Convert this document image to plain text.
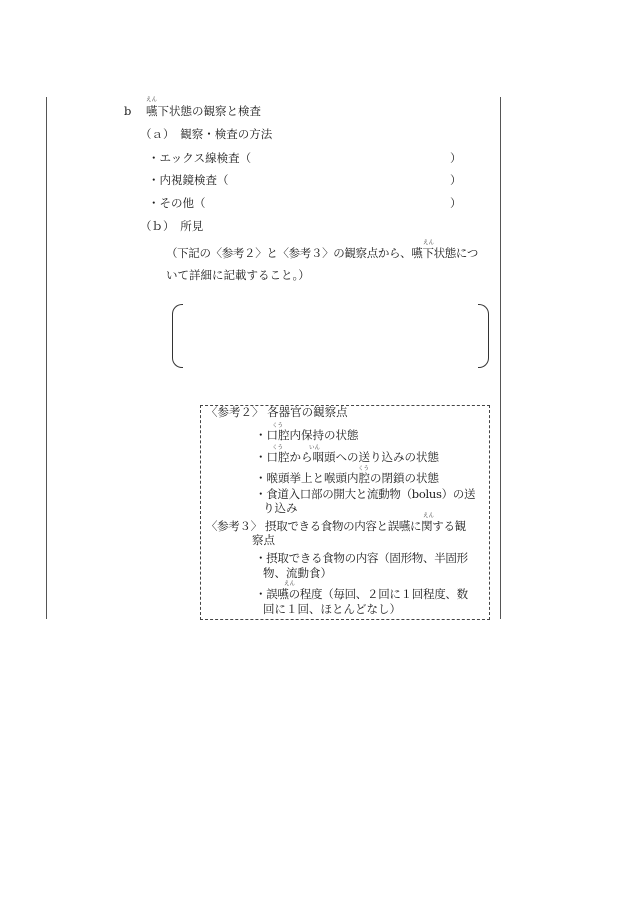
b
えん
嚥下状態の観察と検査
（ａ）　観察・検査の方法
・エックス線検査（	）
・内視鏡検査（	）
・その他（	）
（ｂ）　所見
えん
（下記の〈参考２〉と〈参考３〉の観察点から、嚥下状態につ
いて詳細に記載すること。）
〈参考２〉 各器官の観察点
くう
・口腔内保持の状態
くう	いん
・口腔から咽頭への送り込みの状態
くう
・喉頭挙上と喉頭内腔の閉鎖の状態
・食道入口部の開大と流動物（bolus）の送
り込み
えん
〈参考３〉 摂取できる食物の内容と誤嚥に関する観
察点
・摂取できる食物の内容（固形物、半固形
物、流動食）
えん
・誤嚥の程度（毎回、２回に１回程度、数
回に１回、ほとんどなし）
